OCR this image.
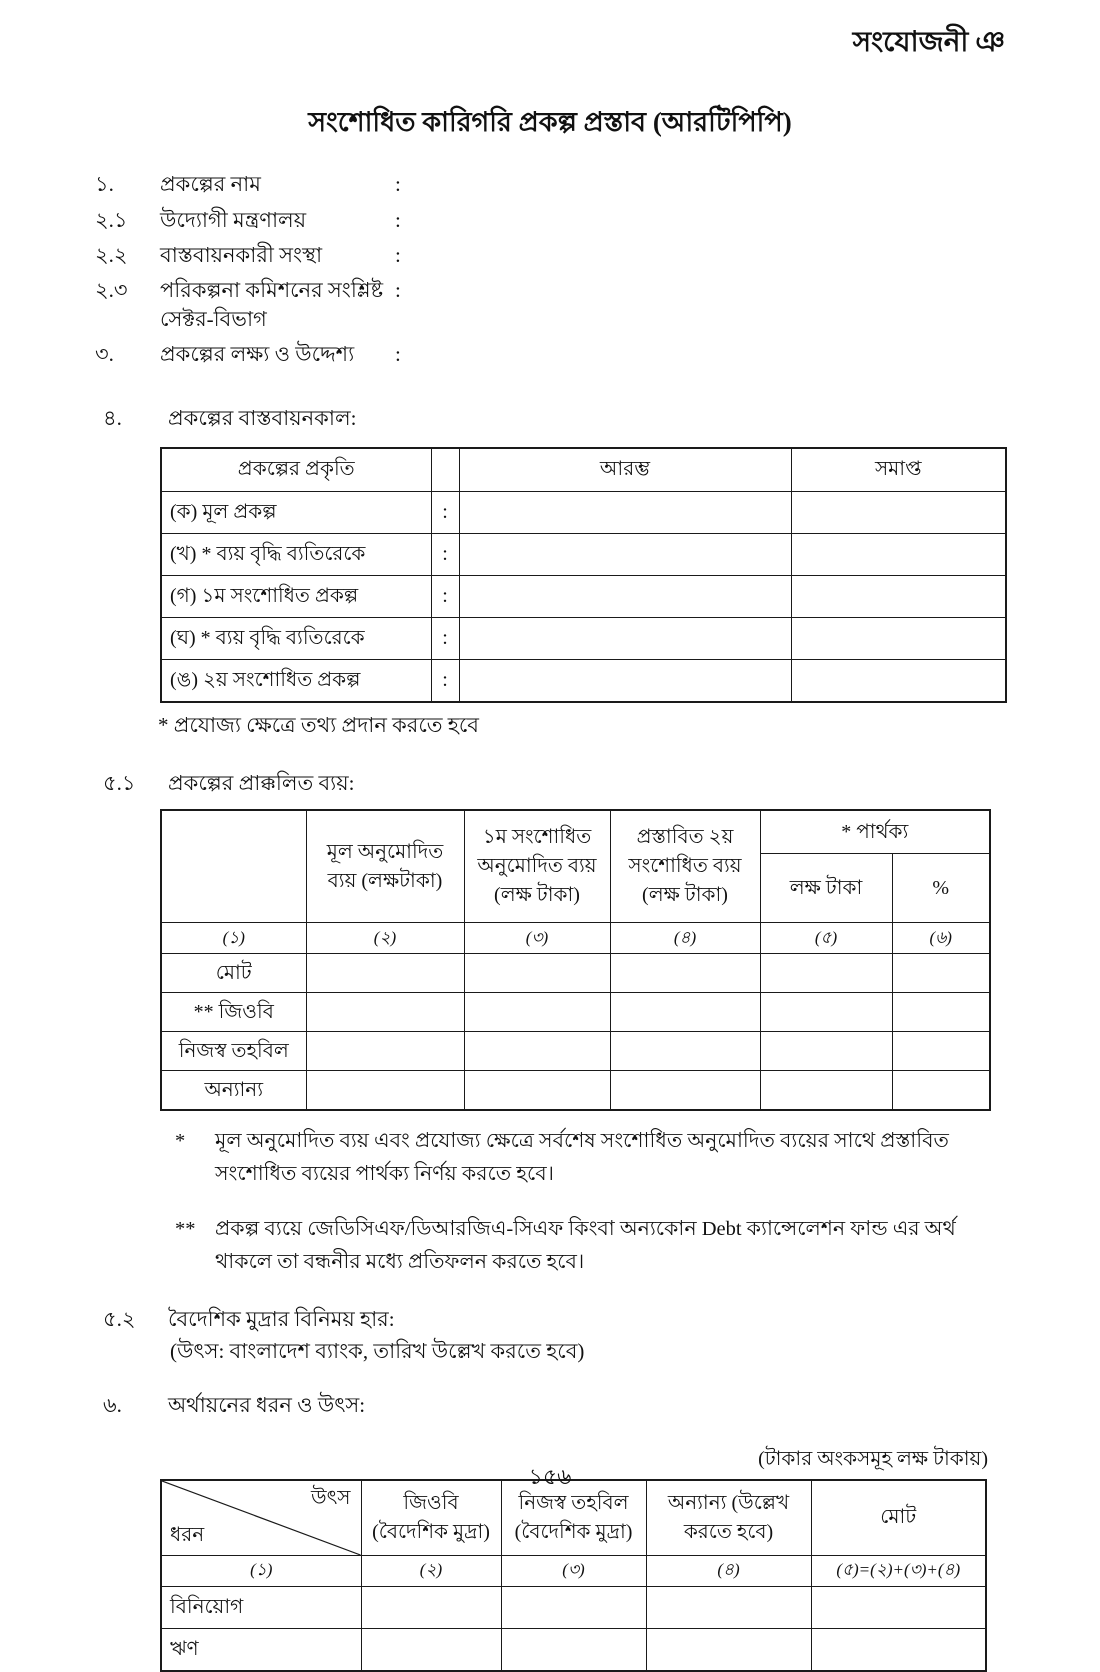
সংযোজনী ঞ
সংশোধিত কারিগরি প্রকল্প প্রস্তাব (আরটিপিপি)
১.	প্রকল্পের নাম	:
২.১	উদ্যোগী মন্ত্রণালয়	:
২.২	বাস্তবায়নকারী সংস্থা	:
২.৩	পরিকল্পনা কমিশনের সংশ্লিষ্ট
সেক্টর-বিভাগ
:
৩.	প্রকল্পের লক্ষ্য ও উদ্দেশ্য	:
৪.	প্রকল্পের বাস্তবায়নকাল:
প্রকল্পের প্রকৃতি		আরম্ভ	সমাপ্ত
(ক) মূল প্রকল্প	:		
(খ) * ব্যয় বৃদ্ধি ব্যতিরেকে	:		
(গ) ১ম সংশোধিত প্রকল্প	:		
(ঘ) * ব্যয় বৃদ্ধি ব্যতিরেকে	:		
(ঙ) ২য় সংশোধিত প্রকল্প	:		
* প্রযোজ্য ক্ষেত্রে তথ্য প্রদান করতে হবে
৫.১	প্রকল্পের প্রাক্কলিত ব্যয়:
	মূল অনুমোদিত ব্যয় (লক্ষটাকা)	১ম সংশোধিত অনুমোদিত ব্যয় (লক্ষ টাকা)	প্রস্তাবিত ২য় সংশোধিত ব্যয় (লক্ষ টাকা)	* পার্থক্য	
				লক্ষ টাকা	%
(১)	(২)	(৩)	(৪)	(৫)	(৬)
মোট					
** জিওবি					
নিজস্ব তহবিল					
অন্যান্য					
*	মূল অনুমোদিত ব্যয় এবং প্রযোজ্য ক্ষেত্রে সর্বশেষ সংশোধিত অনুমোদিত ব্যয়ের সাথে প্রস্তাবিত সংশোধিত ব্যয়ের পার্থক্য নির্ণয় করতে হবে।
** প্রকল্প ব্যয়ে জেডিসিএফ/ডিআরজিএ-সিএফ কিংবা অন্যকোন Debt ক্যান্সেলেশন ফান্ড এর অর্থ থাকলে তা বন্ধনীর মধ্যে প্রতিফলন করতে হবে।
৫.২	বৈদেশিক মুদ্রার বিনিময় হার:
(উৎস: বাংলাদেশ ব্যাংক, তারিখ উল্লেখ করতে হবে)
৬.	অর্থায়নের ধরন ও উৎস:
(টাকার অংকসমূহ লক্ষ টাকায়)
উৎস
ধরন	জিওবি (বৈদেশিক মুদ্রা)	নিজস্ব তহবিল (বৈদেশিক মুদ্রা)	অন্যান্য (উল্লেখ করতে হবে)	মোট
(১)	(২)	(৩)	(৪)	(৫)=(২)+(৩)+(৪)
বিনিয়োগ				
ঋণ				
১৫৬
